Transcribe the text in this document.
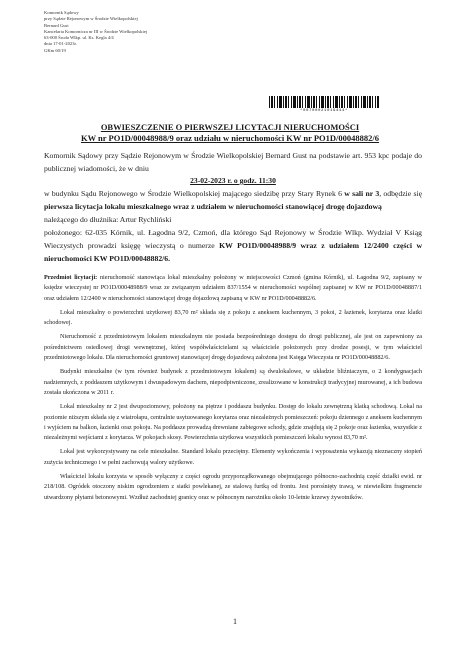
Komornik Sądowy
przy Sądzie Rejonowym w Środzie Wielkopolskiej
Bernard Gust
Kancelaria Komornicza nr III w Środzie Wielkopolskiej
63-000 Środa Wlkp. ul. Ks. Kegla 4/4
dnia 17-01-2023r.
GKm 60/19
*00700021019444*
OBWIESZCZENIE O PIERWSZEJ LICYTACJI NIERUCHOMOŚCI
KW nr PO1D/00048988/9 oraz udziału w nieruchomości KW nr PO1D/00048882/6

Komornik Sądowy przy Sądzie Rejonowym w Środzie Wielkopolskiej Bernard Gust na podstawie art. 953 kpc podaje do publicznej wiadomości, że w dniu

23-02-2023 r. o godz. 11:30

w budynku Sądu Rejonowego w Środzie Wielkopolskiej mającego siedzibę przy Stary Rynek 6 w sali nr 3, odbędzie się pierwsza licytacja lokalu mieszkalnego wraz z udziałem w nieruchomości stanowiącej drogę dojazdową

należącego do dłużnika: Artur Rychliński

położonego: 62-035 Kórnik, ul. Łagodna 9/2, Czmoń, dla którego Sąd Rejonowy w Środzie Wlkp. Wydział V Ksiąg Wieczystych prowadzi księgę wieczystą o numerze KW PO1D/00048988/9 wraz z udziałem 12/2400 części w nieruchomości KW PO1D/00048882/6.

Przedmiot licytacji: nieruchomość stanowiąca lokal mieszkalny położony w miejscowości Czmoń (gmina Kórnik), ul. Łagodna 9/2, zapisany w księdze wieczystej nr PO1D/00048988/9 wraz ze związanym udziałem 837/1554 w nieruchomości wspólnej zapisanej w KW nr PO1D/00048887/1 oraz udziałem 12/2400 w nieruchomości stanowiącej drogę dojazdową zapisaną w KW nr PO1D/00048882/6.

Lokal mieszkalny o powierzchni użytkowej 83,70 m² składa się z pokoju z aneksem kuchennym, 3 pokoi, 2 łazienek, korytarza oraz klatki schodowej.

Nieruchomość z przedmiotowym lokalem mieszkalnym nie posiada bezpośredniego dostępu do drogi publicznej, ale jest on zapewniony za pośrednictwem osiedlowej drogi wewnętrznej, której współwłaścicielami są właściciele położonych przy drodze posesji, w tym właściciel przedmiotowego lokalu. Dla nieruchomości gruntowej stanowiącej drogę dojazdową założona jest Księga Wieczysta nr PO1D/00048882/6.

Budynki mieszkalne (w tym również budynek z przedmiotowym lokalem) są dwulokalowe, w układzie bliźniaczym, o 2 kondygnacjach nadziemnych, z poddaszem użytkowym i dwuspadowym dachem, niepodpiwniczone, zrealizowane w konstrukcji tradycyjnej murowanej, a ich budowa została ukończona w 2011 r.

Lokal mieszkalny nr 2 jest dwupoziomowy, położony na piętrze i poddaszu budynku. Dostęp do lokalu zewnętrzną klatką schodową. Lokal na poziomie niższym składa się z wiatrołapu, centralnie usytuowanego korytarza oraz niezależnych pomieszczeń: pokoju dziennego z aneksem kuchennym i wyjściem na balkon, łazienki oraz pokoju. Na poddasze prowadzą drewniane zabiegowe schody, gdzie znajdują się 2 pokoje oraz łazienka, wszystkie z niezależnymi wejściami z korytarza. W pokojach skosy. Powierzchnia użytkowa wszystkich pomieszczeń lokalu wynosi 83,70 m².

Lokal jest wykorzystywany na cele mieszkalne. Standard lokalu przeciętny. Elementy wykończenia i wyposażenia wykazują nieznaczny stopień zużycia technicznego i w pełni zachowują walory użytkowe.

Właściciel lokalu korzysta w sposób wyłączny z części ogrodu przyporządkowanego obejmującego północno-zachodnią część działki ewid. nr 218/108. Ogródek otoczony niskim ogrodzeniem z siatki powlekanej, ze stalową furtką od frontu. Jest porośnięty trawą, w niewielkim fragmencie utwardzony płytami betonowymi. Wzdłuż zachodniej granicy oraz w północnym narożniku około 10-letnie krzewy żywotników.

1
